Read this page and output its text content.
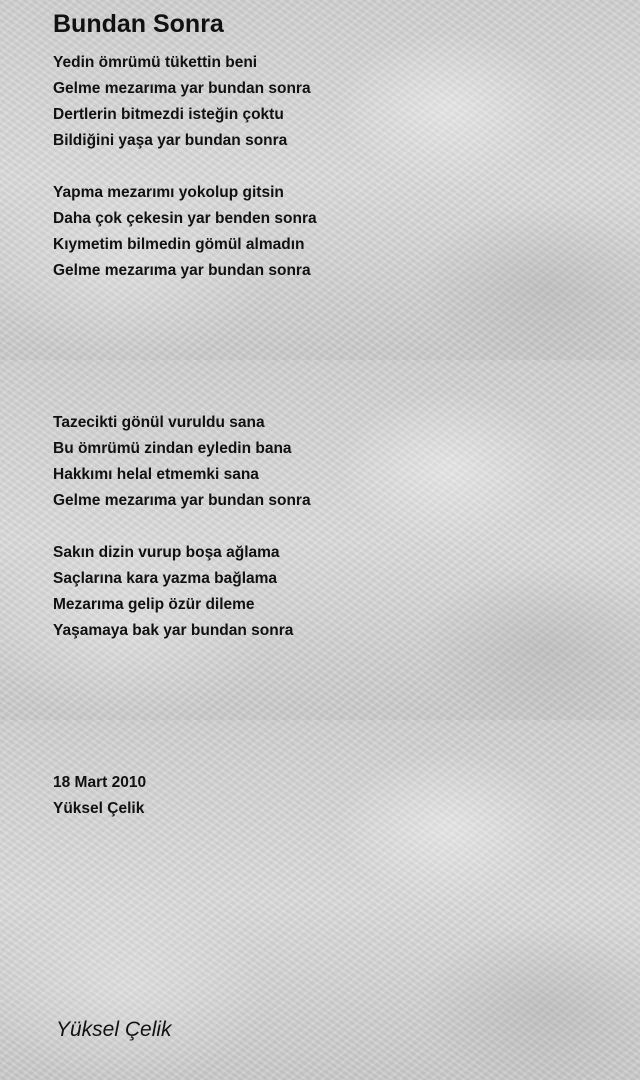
Bundan Sonra
Yedin ömrümü tükettin beni
Gelme mezarıma yar bundan sonra
Dertlerin bitmezdi isteğin çoktu
Bildiğini yaşa yar bundan sonra
Yapma mezarımı yokolup gitsin
Daha çok çekesin yar benden sonra
Kıymetim bilmedin gömül almadın
Gelme mezarıma yar bundan sonra
Tazecikti gönül vuruldu sana
Bu ömrümü zindan eyledin bana
Hakkımı helal etmemki sana
Gelme mezarıma yar bundan sonra
Sakın dizin vurup boşa ağlama
Saçlarına kara yazma bağlama
Mezarıma gelip özür dileme
Yaşamaya bak yar bundan sonra
18 Mart 2010
Yüksel Çelik
Yüksel Çelik
